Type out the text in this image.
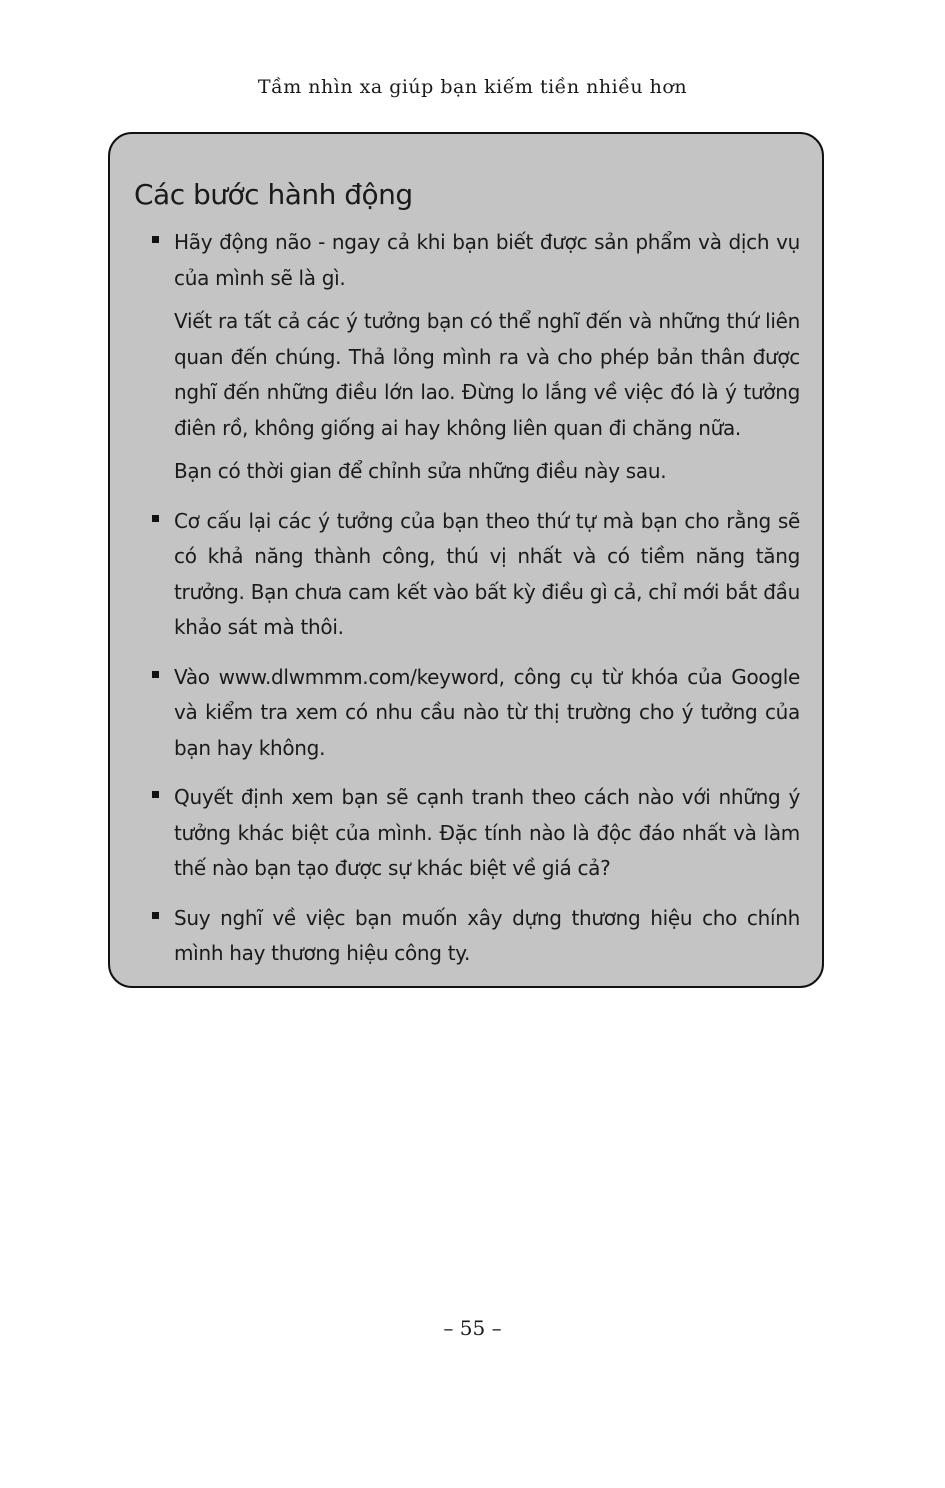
Tầm nhìn xa giúp bạn kiếm tiền nhiều hơn
Các bước hành động

Hãy động não - ngay cả khi bạn biết được sản phẩm và dịch vụ của mình sẽ là gì.

Viết ra tất cả các ý tưởng bạn có thể nghĩ đến và những thứ liên quan đến chúng. Thả lỏng mình ra và cho phép bản thân được nghĩ đến những điều lớn lao. Đừng lo lắng về việc đó là ý tưởng điên rồ, không giống ai hay không liên quan đi chăng nữa.

Bạn có thời gian để chỉnh sửa những điều này sau.

Cơ cấu lại các ý tưởng của bạn theo thứ tự mà bạn cho rằng sẽ có khả năng thành công, thú vị nhất và có tiềm năng tăng trưởng. Bạn chưa cam kết vào bất kỳ điều gì cả, chỉ mới bắt đầu khảo sát mà thôi.

Vào www.dlwmmm.com/keyword, công cụ từ khóa của Google và kiểm tra xem có nhu cầu nào từ thị trường cho ý tưởng của bạn hay không.

Quyết định xem bạn sẽ cạnh tranh theo cách nào với những ý tưởng khác biệt của mình. Đặc tính nào là độc đáo nhất và làm thế nào bạn tạo được sự khác biệt về giá cả?

Suy nghĩ về việc bạn muốn xây dựng thương hiệu cho chính mình hay thương hiệu công ty.

– 55 –
